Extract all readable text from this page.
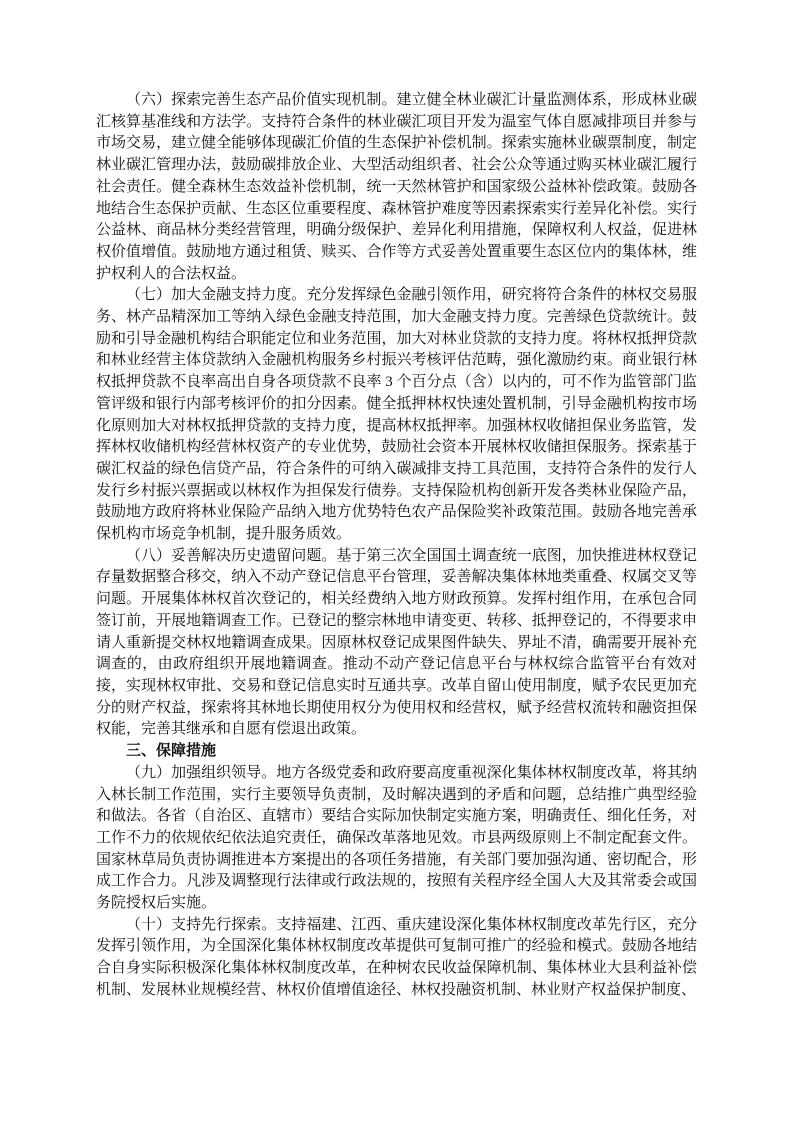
（六）探索完善生态产品价值实现机制。建立健全林业碳汇计量监测体系，形成林业碳汇核算基准线和方法学。支持符合条件的林业碳汇项目开发为温室气体自愿减排项目并参与市场交易，建立健全能够体现碳汇价值的生态保护补偿机制。探索实施林业碳票制度，制定林业碳汇管理办法，鼓励碳排放企业、大型活动组织者、社会公众等通过购买林业碳汇履行社会责任。健全森林生态效益补偿机制，统一天然林管护和国家级公益林补偿政策。鼓励各地结合生态保护贡献、生态区位重要程度、森林管护难度等因素探索实行差异化补偿。实行公益林、商品林分类经营管理，明确分级保护、差异化利用措施，保障权利人权益，促进林权价值增值。鼓励地方通过租赁、赎买、合作等方式妥善处置重要生态区位内的集体林，维护权利人的合法权益。

（七）加大金融支持力度。充分发挥绿色金融引领作用，研究将符合条件的林权交易服务、林产品精深加工等纳入绿色金融支持范围，加大金融支持力度。完善绿色贷款统计。鼓励和引导金融机构结合职能定位和业务范围，加大对林业贷款的支持力度。将林权抵押贷款和林业经营主体贷款纳入金融机构服务乡村振兴考核评估范畴，强化激励约束。商业银行林权抵押贷款不良率高出自身各项贷款不良率 3 个百分点（含）以内的，可不作为监管部门监管评级和银行内部考核评价的扣分因素。健全抵押林权快速处置机制，引导金融机构按市场化原则加大对林权抵押贷款的支持力度，提高林权抵押率。加强林权收储担保业务监管，发挥林权收储机构经营林权资产的专业优势，鼓励社会资本开展林权收储担保服务。探索基于碳汇权益的绿色信贷产品，符合条件的可纳入碳减排支持工具范围，支持符合条件的发行人发行乡村振兴票据或以林权作为担保发行债券。支持保险机构创新开发各类林业保险产品，鼓励地方政府将林业保险产品纳入地方优势特色农产品保险奖补政策范围。鼓励各地完善承保机构市场竞争机制，提升服务质效。

（八）妥善解决历史遗留问题。基于第三次全国国土调查统一底图，加快推进林权登记存量数据整合移交，纳入不动产登记信息平台管理，妥善解决集体林地类重叠、权属交叉等问题。开展集体林权首次登记的，相关经费纳入地方财政预算。发挥村组作用，在承包合同签订前，开展地籍调查工作。已登记的整宗林地申请变更、转移、抵押登记的，不得要求申请人重新提交林权地籍调查成果。因原林权登记成果图件缺失、界址不清，确需要开展补充调查的，由政府组织开展地籍调查。推动不动产登记信息平台与林权综合监管平台有效对接，实现林权审批、交易和登记信息实时互通共享。改革自留山使用制度，赋予农民更加充分的财产权益，探索将其林地长期使用权分为使用权和经营权，赋予经营权流转和融资担保权能，完善其继承和自愿有偿退出政策。

三、保障措施

（九）加强组织领导。地方各级党委和政府要高度重视深化集体林权制度改革，将其纳入林长制工作范围，实行主要领导负责制，及时解决遇到的矛盾和问题，总结推广典型经验和做法。各省（自治区、直辖市）要结合实际加快制定实施方案，明确责任、细化任务，对工作不力的依规依纪依法追究责任，确保改革落地见效。市县两级原则上不制定配套文件。国家林草局负责协调推进本方案提出的各项任务措施，有关部门要加强沟通、密切配合，形成工作合力。凡涉及调整现行法律或行政法规的，按照有关程序经全国人大及其常委会或国务院授权后实施。

（十）支持先行探索。支持福建、江西、重庆建设深化集体林权制度改革先行区，充分发挥引领作用，为全国深化集体林权制度改革提供可复制可推广的经验和模式。鼓励各地结合自身实际积极深化集体林权制度改革，在种树农民收益保障机制、集体林业大县利益补偿机制、发展林业规模经营、林权价值增值途径、林权投融资机制、林业财产权益保护制度、
